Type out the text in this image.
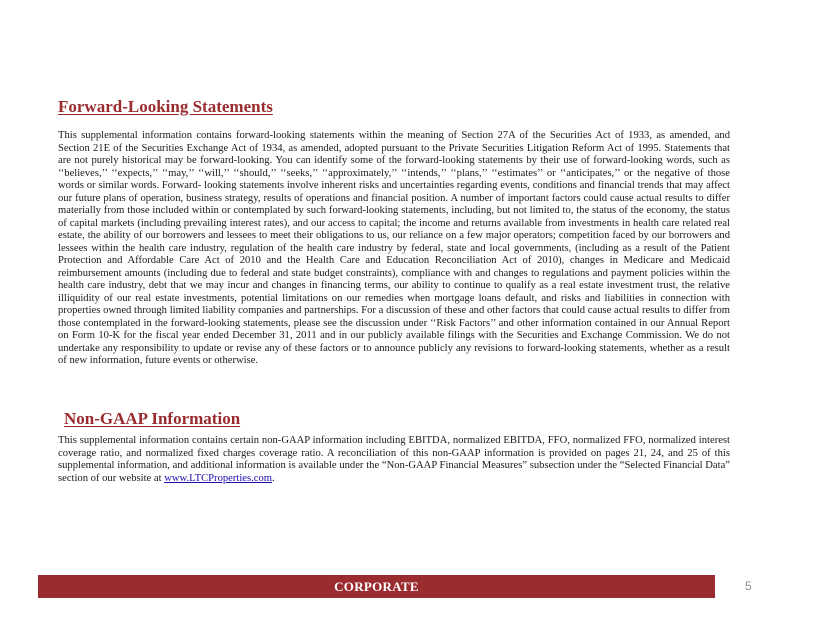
Forward-Looking Statements

This supplemental information contains forward-looking statements within the meaning of Section 27A of the Securities Act of 1933, as amended, and Section 21E of the Securities Exchange Act of 1934, as amended, adopted pursuant to the Private Securities Litigation Reform Act of 1995. Statements that are not purely historical may be forward-looking. You can identify some of the forward-looking statements by their use of forward-looking words, such as ‘‘believes,’’ ‘‘expects,’’ ‘‘may,’’ ‘‘will,’’ ‘‘should,’’ ‘‘seeks,’’ ‘‘approximately,’’ ‘‘intends,’’ ‘‘plans,’’ ‘‘estimates’’ or ‘‘anticipates,’’ or the negative of those words or similar words. Forward- looking statements involve inherent risks and uncertainties regarding events, conditions and financial trends that may affect our future plans of operation, business strategy, results of operations and financial position. A number of important factors could cause actual results to differ materially from those included within or contemplated by such forward-looking statements, including, but not limited to, the status of the economy, the status of capital markets (including prevailing interest rates), and our access to capital; the income and returns available from investments in health care related real estate, the ability of our borrowers and lessees to meet their obligations to us, our reliance on a few major operators; competition faced by our borrowers and lessees within the health care industry, regulation of the health care industry by federal, state and local governments, (including as a result of the Patient Protection and Affordable Care Act of 2010 and the Health Care and Education Reconciliation Act of 2010), changes in Medicare and Medicaid reimbursement amounts (including due to federal and state budget constraints), compliance with and changes to regulations and payment policies within the health care industry, debt that we may incur and changes in financing terms, our ability to continue to qualify as a real estate investment trust, the relative illiquidity of our real estate investments, potential limitations on our remedies when mortgage loans default, and risks and liabilities in connection with properties owned through limited liability companies and partnerships. For a discussion of these and other factors that could cause actual results to differ from those contemplated in the forward-looking statements, please see the discussion under ‘‘Risk Factors’’ and other information contained in our Annual Report on Form 10-K for the fiscal year ended December 31, 2011 and in our publicly available filings with the Securities and Exchange Commission. We do not undertake any responsibility to update or revise any of these factors or to announce publicly any revisions to forward-looking statements, whether as a result of new information, future events or otherwise.

Non-GAAP Information

This supplemental information contains certain non-GAAP information including EBITDA, normalized EBITDA, FFO, normalized FFO, normalized interest coverage ratio, and normalized fixed charges coverage ratio. A reconciliation of this non-GAAP information is provided on pages 21, 24, and 25 of this supplemental information, and additional information is available under the “Non-GAAP Financial Measures” subsection under the “Selected Financial Data” section of our website at www.LTCProperties.com.

CORPORATE	5
